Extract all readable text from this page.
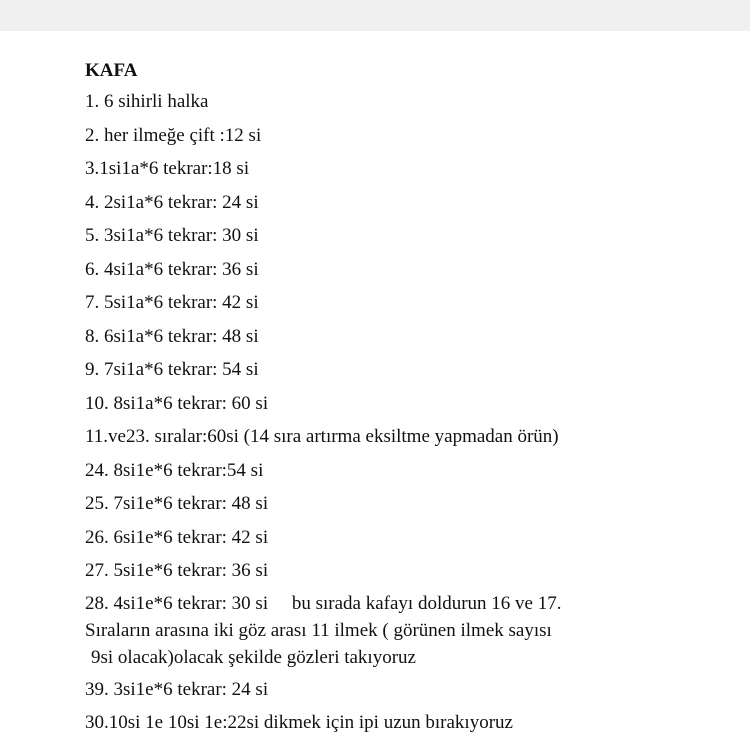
KAFA
1. 6 sihirli halka
2. her ilmeğe çift :12 si
3.1si1a*6 tekrar:18 si
4. 2si1a*6 tekrar: 24 si
5. 3si1a*6 tekrar: 30 si
6. 4si1a*6 tekrar: 36 si
7. 5si1a*6 tekrar: 42 si
8. 6si1a*6 tekrar: 48 si
9. 7si1a*6 tekrar: 54 si
10. 8si1a*6 tekrar: 60 si
11.ve23. sıralar:60si (14 sıra artırma eksiltme yapmadan örün)
24. 8si1e*6 tekrar:54 si
25. 7si1e*6 tekrar: 48 si
26. 6si1e*6 tekrar: 42 si
27. 5si1e*6 tekrar: 36 si
28. 4si1e*6 tekrar: 30 si     bu sırada kafayı doldurun 16 ve 17.
Sıraların arasına iki göz arası 11 ilmek ( görünen ilmek sayısı
9si olacak)olacak şekilde gözleri takıyoruz
39. 3si1e*6 tekrar: 24 si
30.10si 1e 10si 1e:22si dikmek için ipi uzun bırakıyoruz
